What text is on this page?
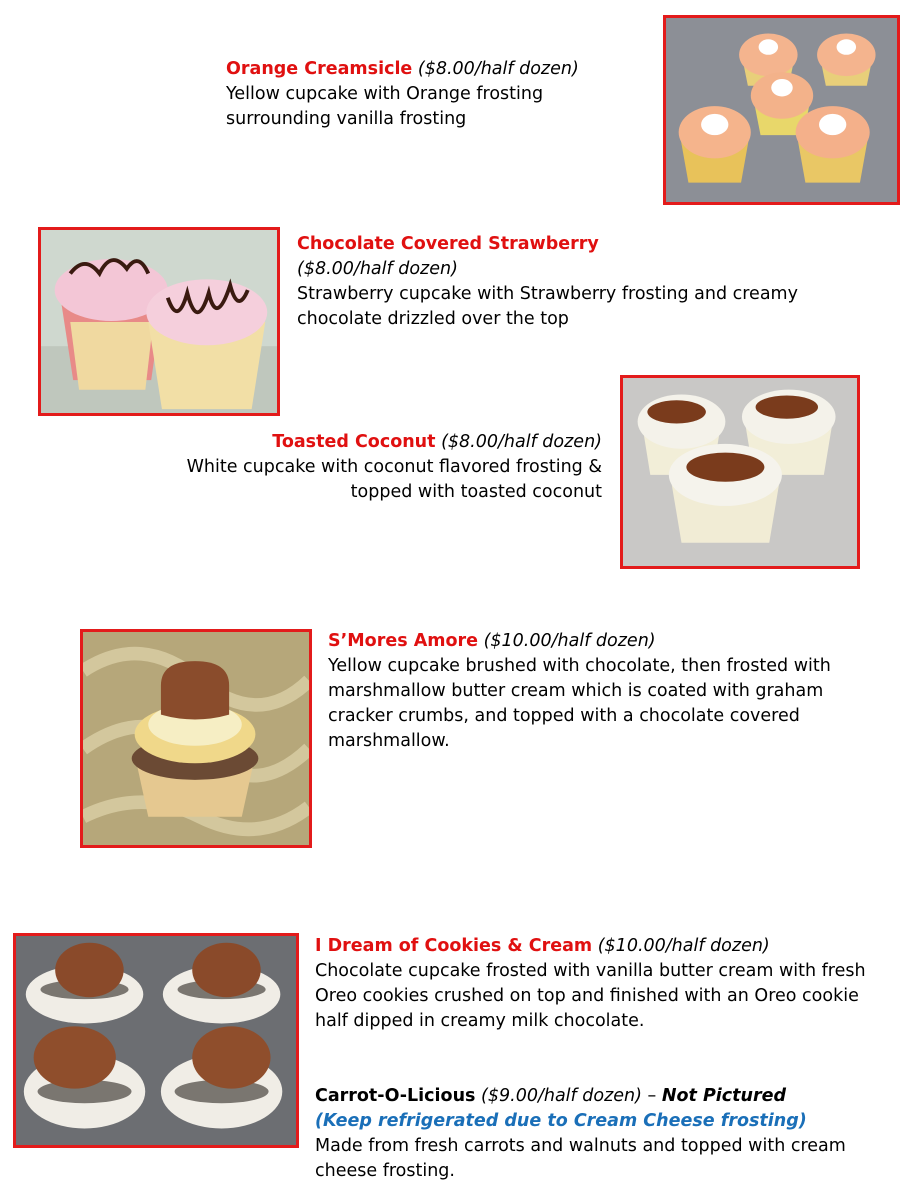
Orange Creamsicle ($8.00/half dozen)

Yellow cupcake with Orange frosting

surrounding vanilla frosting

Chocolate Covered Strawberry

($8.00/half dozen)

Strawberry cupcake with Strawberry frosting and creamy

chocolate drizzled over the top

Toasted Coconut ($8.00/half dozen)

White cupcake with coconut flavored frosting &

topped with toasted coconut

S’Mores Amore ($10.00/half dozen)

Yellow cupcake brushed with chocolate, then frosted with

marshmallow butter cream which is coated with graham

cracker crumbs, and topped with a chocolate covered

marshmallow.

I Dream of Cookies & Cream ($10.00/half dozen)

Chocolate cupcake frosted with vanilla butter cream with fresh

Oreo cookies crushed on top and finished with an Oreo cookie

half dipped in creamy milk chocolate.

Carrot-O-Licious ($9.00/half dozen) – Not Pictured

(Keep refrigerated due to Cream Cheese frosting)

Made from fresh carrots and walnuts and topped with cream

cheese frosting.
